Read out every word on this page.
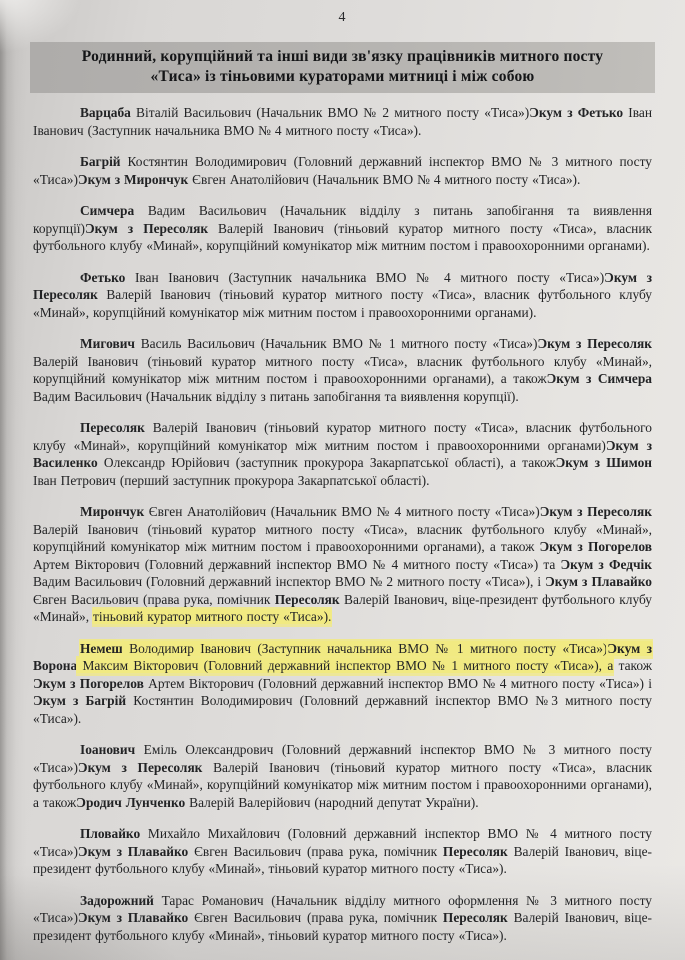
4
Родинний, корупційний та інші види зв'язку працівників митного посту
«Тиса» із тіньовими кураторами митниці і між собою

Варцаба Віталій Васильович (Начальник ВМО № 2 митного посту «Тиса»)Ɔкум з Фетько Іван Іванович (Заступник начальника ВМО № 4 митного посту «Тиса»).

Багрій Костянтин Володимирович (Головний державний інспектор ВМО № 3 митного посту «Тиса»)Ɔкум з Мирончук Євген Анатолійович (Начальник ВМО № 4 митного посту «Тиса»).

Симчера Вадим Васильович (Начальник відділу з питань запобігання та виявлення корупції)Ɔкум з Пересоляк Валерій Іванович (тіньовий куратор митного посту «Тиса», власник футбольного клубу «Минай», корупційний комунікатор між митним постом і правоохоронними органами).

Фетько Іван Іванович (Заступник начальника ВМО № 4 митного посту «Тиса»)Ɔкум з Пересоляк Валерій Іванович (тіньовий куратор митного посту «Тиса», власник футбольного клубу «Минай», корупційний комунікатор між митним постом і правоохоронними органами).

Мигович Василь Васильович (Начальник ВМО № 1 митного посту «Тиса»)Ɔкум з Пересоляк Валерій Іванович (тіньовий куратор митного посту «Тиса», власник футбольного клубу «Минай», корупційний комунікатор між митним постом і правоохоронними органами), а такожƆкум з Симчера Вадим Васильович (Начальник відділу з питань запобігання та виявлення корупції).

Пересоляк Валерій Іванович (тіньовий куратор митного посту «Тиса», власник футбольного клубу «Минай», корупційний комунікатор між митним постом і правоохоронними органами)Ɔкум з Василенко Олександр Юрійович (заступник прокурора Закарпатської області), а такожƆкум з Шимон Іван Петрович (перший заступник прокурора Закарпатської області).

Мирончук Євген Анатолійович (Начальник ВМО № 4 митного посту «Тиса»)Ɔкум з Пересоляк Валерій Іванович (тіньовий куратор митного посту «Тиса», власник футбольного клубу «Минай», корупційний комунікатор між митним постом і правоохоронними органами), а також Ɔкум з Погорелов Артем Вікторович (Головний державний інспектор ВМО № 4 митного посту «Тиса») та Ɔкум з Федчік Вадим Васильович (Головний державний інспектор ВМО № 2 митного посту «Тиса»), і Ɔкум з Плавайко Євген Васильович (права рука, помічник Пересоляк Валерій Іванович, віце-президент футбольного клубу «Минай», тіньовий куратор митного посту «Тиса»).

Немеш Володимир Іванович (Заступник начальника ВМО № 1 митного посту «Тиса»)Ɔкум з Ворона Максим Вікторович (Головний державний інспектор ВМО № 1 митного посту «Тиса»), а також Ɔкум з Погорелов Артем Вікторович (Головний державний інспектор ВМО № 4 митного посту «Тиса») і Ɔкум з Багрій Костянтин Володимирович (Головний державний інспектор ВМО №3 митного посту «Тиса»).

Іоанович Еміль Олександрович (Головний державний інспектор ВМО № 3 митного посту «Тиса»)Ɔкум з Пересоляк Валерій Іванович (тіньовий куратор митного посту «Тиса», власник футбольного клубу «Минай», корупційний комунікатор між митним постом і правоохоронними органами), а такожƆродич Лунченко Валерій Валерійович (народний депутат України).

Пловайко Михайло Михайлович (Головний державний інспектор ВМО № 4 митного посту «Тиса»)Ɔкум з Плавайко Євген Васильович (права рука, помічник Пересоляк Валерій Іванович, віце-президент футбольного клубу «Минай», тіньовий куратор митного посту «Тиса»).

Задорожний Тарас Романович (Начальник відділу митного оформлення № 3 митного посту «Тиса»)Ɔкум з Плавайко Євген Васильович (права рука, помічник Пересоляк Валерій Іванович, віце-президент футбольного клубу «Минай», тіньовий куратор митного посту «Тиса»).
